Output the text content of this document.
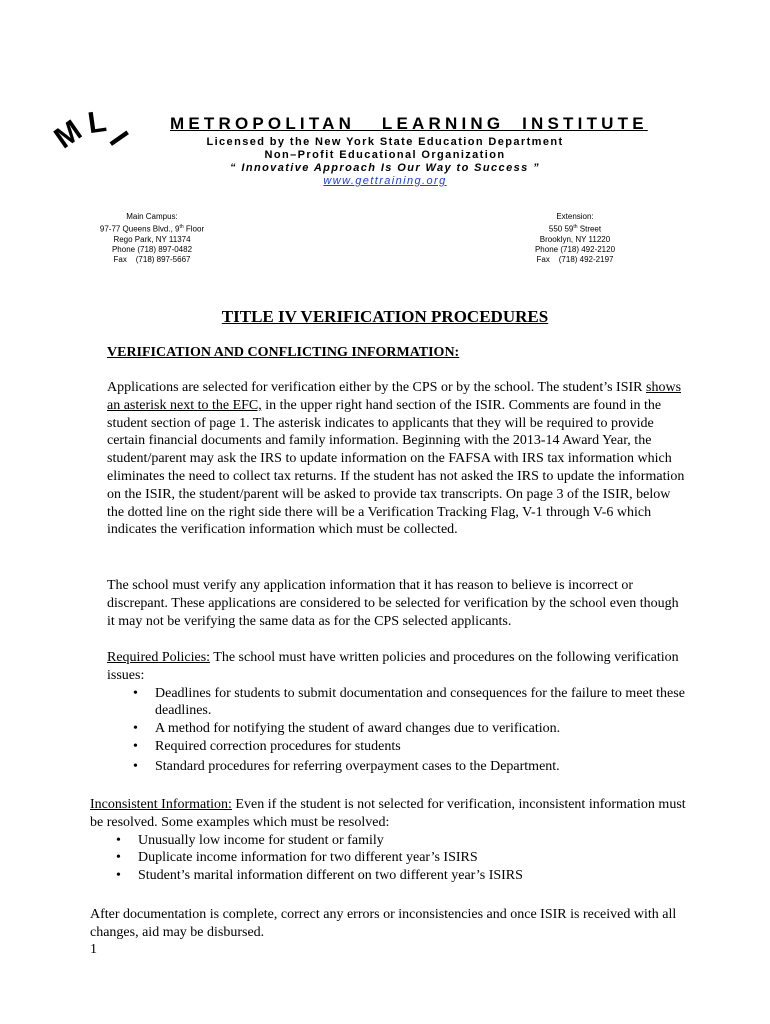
M
L
I
METROPOLITAN   LEARNING  INSTITUTE
Licensed by the New York State Education Department
Non–Profit Educational Organization
“ Innovative Approach Is Our Way to Success ”
www.gettraining.org
Main Campus:
97-77 Queens Blvd., 9th Floor
Rego Park, NY 11374
Phone (718) 897-0482
Fax    (718) 897-5667
Extension:
550 59th Street
Brooklyn, NY 11220
Phone (718) 492-2120
Fax    (718) 492-2197
TITLE IV VERIFICATION PROCEDURES
VERIFICATION AND CONFLICTING INFORMATION:
Applications are selected for verification either by the CPS or by the school. The student’s ISIR shows an asterisk next to the EFC, in the upper right hand section of the ISIR. Comments are found in the student section of page 1. The asterisk indicates to applicants that they will be required to provide certain financial documents and family information. Beginning with the 2013-14 Award Year, the student/parent may ask the IRS to update information on the FAFSA with IRS tax information which eliminates the need to collect tax returns. If the student has not asked the IRS to update the information on the ISIR, the student/parent will be asked to provide tax transcripts. On page 3 of the ISIR, below the dotted line on the right side there will be a Verification Tracking Flag, V-1 through V-6 which indicates the verification information which must be collected.
The school must verify any application information that it has reason to believe is incorrect or discrepant. These applications are considered to be selected for verification by the school even though it may not be verifying the same data as for the CPS selected applicants.
Required Policies: The school must have written policies and procedures on the following verification issues:
• Deadlines for students to submit documentation and consequences for the failure to meet these deadlines.
• A method for notifying the student of award changes due to verification.
• Required correction procedures for students
• Standard procedures for referring overpayment cases to the Department.
Inconsistent Information: Even if the student is not selected for verification, inconsistent information must be resolved. Some examples which must be resolved:
• Unusually low income for student or family
• Duplicate income information for two different year’s ISIRS
• Student’s marital information different on two different year’s ISIRS
After documentation is complete, correct any errors or inconsistencies and once ISIR is received with all changes, aid may be disbursed.
1
